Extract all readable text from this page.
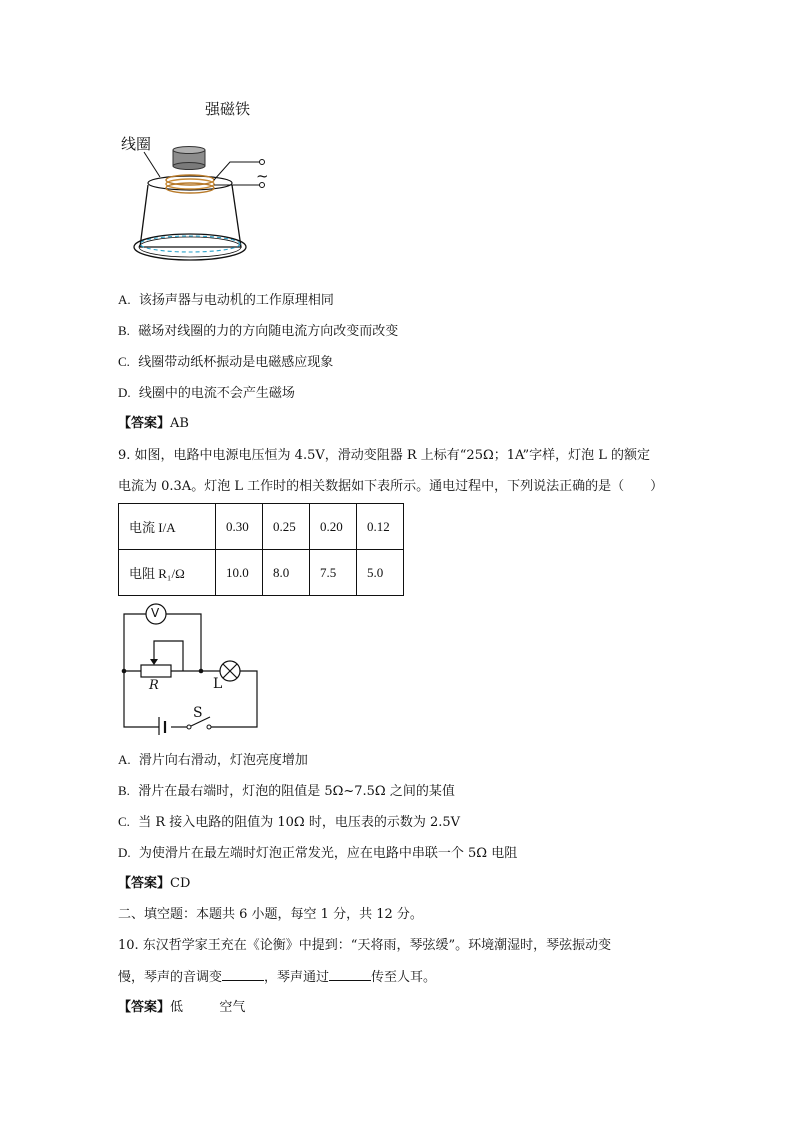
强磁铁
线圈
~
A. 该扬声器与电动机的工作原理相同
B. 磁场对线圈的力的方向随电流方向改变而改变
C. 线圈带动纸杯振动是电磁感应现象
D. 线圈中的电流不会产生磁场
【答案】AB
9. 如图，电路中电源电压恒为 4.5V，滑动变阻器 R 上标有“25Ω；1A”字样，灯泡 L 的额定
电流为 0.3A。灯泡 L 工作时的相关数据如下表所示。通电过程中，下列说法正确的是（　　）
电流 I/A	0.30	0.25	0.20	0.12
电阻 R₁/Ω	10.0	8.0	7.5	5.0
V
R	L
S
A. 滑片向右滑动，灯泡亮度增加
B. 滑片在最右端时，灯泡的阻值是 5Ω~7.5Ω 之间的某值
C. 当 R 接入电路的阻值为 10Ω 时，电压表的示数为 2.5V
D. 为使滑片在最左端时灯泡正常发光，应在电路中串联一个 5Ω 电阻
【答案】CD
二、填空题：本题共 6 小题，每空 1 分，共 12 分。
10. 东汉哲学家王充在《论衡》中提到：“天将雨，琴弦缓”。环境潮湿时，琴弦振动变
慢，琴声的音调变	，琴声通过	传至人耳。
【答案】低	空气
